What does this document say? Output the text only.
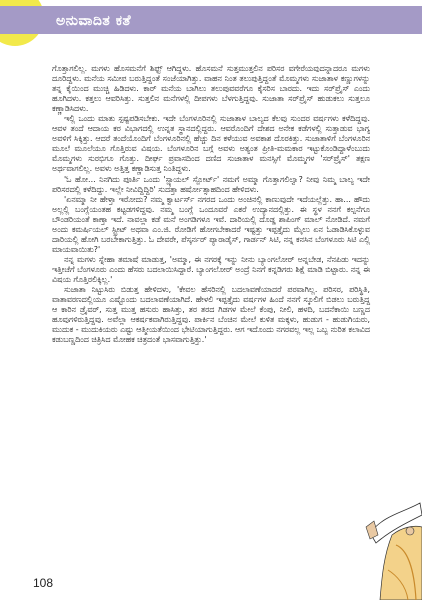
ಅನುವಾದಿತ ಕತೆ

ಗೊತ್ತಾಗಲಿಲ್ಲ. ಮಗಳು ಹೊಸಮನೆಗೆ ಶಿಫ್ಟ್ ಆಗಿದ್ದಳು. ಹೊಸಮನೆ ಸುತ್ತಮುತ್ತಲಿನ ಪರಿಸರ ವಗೇರೆಯವುದನ್ನಾದರೂ ಮಗಳು ದೂರಿದ್ದಳು. ಮನೆಯ ಸಮೀಪ ಬರುತ್ತಿದ್ದಂತೆ ಸಂಜೆಯಾಗಿತ್ತು. ವಾಹನ ನಿಂತ ತಲುಪುತ್ತಿದ್ದಂತೆ ಮೊಮ್ಮಗಳು ಸುಜಾತಾಳ ಕಣ್ಣುಗಳನ್ನು ತನ್ನ ಕೈಯಿಂದ ಮುಚ್ಚಿ ಹಿಡಿದಳು. ಕಾರ್ ಮನೆಯ ಬಾಗಿಲು ತಲುಪುವವರೆಗೂ ಕೈಸರಿಸ ಬಾರದು. ಇದು ಸರ್‌ಪ್ರೈಸ್ ಎಂದು ಹೂಗಿದಳು. ಕತ್ತಲು ಆವರಿಸಿತ್ತು. ಸುತ್ತಲಿನ ಮನೆಗಳಲ್ಲಿ ದೀಪಗಳು ಬೆಳಗುತ್ತಿದ್ದವು. ಸುಜಾತಾ ಸರ್‌ಪ್ರೈಸ್ ಹುಡುಕಲು ಸುತ್ತಲೂ ಕಣ್ಣಾಡಿಸಿದಳು.

ಇಲ್ಲಿ ಒಂದು ಮಾತು ಸ್ಪಷ್ಟಪಡಿಸಬೇಕು. ಇದೇ ಬೆಂಗಳೂರಿನಲ್ಲಿ ಸುಜಾತಾಳ ಬಾಲ್ಯದ ಕೆಲವು ಸುಂದರ ವರ್ಷಗಳು ಕಳೆದಿದ್ದವು. ಆವಳ ತಂದೆ ಆದಾಯ ಕರ ವಿಭಾಗದಲ್ಲಿ ಉನ್ನತ ಸ್ಥಾನದಲ್ಲಿದ್ದರು. ಆವರೊಂದಿಗೆ ದೇಶದ ಅನೇಕ ಕಡೆಗಳಲ್ಲಿ ಸುತ್ತಾಡುವ ಭಾಗ್ಯ ಅವಳಿಗೆ ಸಿಕ್ಕಿತ್ತು. ಆದರೆ ತಂದೆಯೊಂದಿಗೆ ಬೆಂಗಳೂರಿನಲ್ಲಿ ಹೆಚ್ಚು ದಿನ ಕಳೆಯುವ ಅವಕಾಶ ದೊರಕಿತ್ತು. ಸುಜಾತಾಳಿಗೆ ಬೆಂಗಳೂರಿನ ಮೂಲೆ ಮೂಲೆಯೂ ಗೊತ್ತಿರುವ ವಿಷಯ. ಬೆಂಗಳೂರಿನ ಬಗ್ಗೆ ಅವಳು ಅತ್ಯಂತ ಪ್ರೀತಿ-ಮಮಕಾರ ಇಟ್ಟುಕೊಂಡಿದ್ದಾಳೆಂಬುದು ಮೊಮ್ಮಗಳು ಸುರಭಿಗೂ ಗೊತ್ತು. ದೀರ್ಘ ಪ್ರವಾಸದಿಂದ ದಣಿದ ಸುಜಾತಾಳ ಮನಸ್ಸಿಗೆ ಮೊಮ್ಮಗಳ 'ಸರ್‌ಪ್ರೈಸ್' ತಕ್ಷಣ ಅರ್ಥವಾಗಲಿಲ್ಲ. ಅವಳು ಅತ್ತಿತ್ತ ಕಣ್ಣಾಡಿಸುತ್ತ ನಿಂತಿದ್ದಳು.

'ಓ ಹೋ... ನಿನಗಿದು ಪೂರ್ತಿ ಒಂದು 'ಸ್ಪ್ಯಾಯಲ್ ಸ್ಪೋರ್ಟ್' ನಮಗೆ ಅಮ್ಮಾ ಗೊತ್ತಾಗಲಿಲ್ವಾ? ನೀವು ನಿಮ್ಮ ಬಾಲ್ಯ ಇದೇ ಪರಿಸರದಲ್ಲಿ ಕಳೆದಿದ್ದು. ಇಲ್ಲೇ ನೀವಿದ್ದಿದ್ದಿರಿ' ಸುದತ್ತಾ ಹರ್ಷೋತ್ಸಾಹದಿಂದ ಹೇಳಿದಳು.

'ಏನಮ್ಮಾ ನೀ ಹೇಳ್ತಾ ಇರೋದು? ನಮ್ಮ ಕ್ವಾರ್ಟರ್ಸ್ ನಗರದ ಒಂದು ಅಂಚಿನಲ್ಲಿ ಕಾಣುವುದೇ ಇದೆಯಲ್ಲೆತ್ತು. ಹಾ... ಹೌದು ಅಲ್ಲಲ್ಲಿ ಬಂಗ್ಲೆಯಂತಹ ಕಟ್ಟಡಗಳಿದ್ದವು. ನಮ್ಮ ಬಂಗ್ಲೆ ಒಂದೂವರೆ ಎಕರೆ ಉದ್ಯಾನದಲ್ಲಿತ್ತು. ಈ ಸ್ಥಳ ನನಗೆ ಕಲ್ಪನೆಗೂ ಬೌಂಡರಿಯಂತೆ ಕಾಣ್ತಾ ಇದೆ. ನಾವಲ್ಲಾ ಕಡೆ ಮನೆ ಅಂಗಡಿಗಳೂ ಇವೆ. ದಾರಿಯಲ್ಲಿ ದೊಡ್ಡ ಶಾಪಿಂಗ್ ಮಾಲ್ ನೋಡಿದೆ. ನಮಗೆ ಅಂದು ಕಮರ್ಷಿಯಲ್ ಸ್ಟ್ರೀಟ್ ಅಥವಾ ಎಂ.ಜಿ. ರೋಡಿಗೆ ಹೋಗಬೇಕಾದರೆ ಇಷ್ಟತ್ತು ಇಪ್ಪತ್ತೈದು ಮೈಲು ಏನ ಓಡಾಡಿಸಿಕೊಳ್ಳುವ ದಾರಿಯಲ್ಲಿ ಹೋಗಿ ಬರಬೇಕಾಗುತ್ತಿತ್ತು. ಓ ದೇವರೇ, ಪೆಸ್ಕರ್ನರ್ ಪ್ಯಾರಾಡೈಸ್, ಗಾರ್ಡನ್ ಸಿಟಿ, ನನ್ನ ಕನಸಿನ ಬೆಂಗಳೂರು ಸಿಟಿ ಎಲ್ಲಿ ಮಾಯವಾಯಿತು?'

ನನ್ನ ಮಗಳು ಸ್ನೇಹಾ ತಮಾಷೆ ಮಾಡುತ್ತ, 'ಅಮ್ಮಾ, ಈ ನಗರಕ್ಕೆ ಇನ್ನು ನೀನು ಬ್ಯಾಂಗಲೋರ್ ಅನ್ನಬೇಡ, ನೆನಪಿಡು ಇದನ್ನು ಇತ್ತೀಚೆಗೆ ಬೆಂಗಳೂರು ಎಂದು ಹೆಸರು ಬದಲಾಯಿಸಿದ್ದಾರೆ. ಬ್ಯಾಂಗಲೋರ್ ಅಂದ್ರೆ ನಿನಗೆ ಕನ್ನಡಿಗರು ಶಿಕ್ಷೆ ಮಾಡಿ ಬಿಟ್ಟಾರು. ನನ್ನ ಈ ವಿಷಯ ಗೊತ್ತಿರಲಿಕ್ಕಿಲ್ಲ.'

ಸುಜಾತಾ ನಿಟ್ಟುಸಿರು ಬಿಡುತ್ತ ಹೇಳಿದಳು, 'ಕೇವಲ ಹೆಸರಿನಲ್ಲಿ ಬದಲಾವಣೆಯಾದರೆ ಪರವಾಗಿಲ್ಲ. ಪರಿಸರ, ಪರಿಸ್ಥಿತಿ, ವಾತಾವರಣದಲ್ಲಿಯೂ ಎಷ್ಟೊಂದು ಬದಲಾವಣೆಯಾಗಿದೆ. ಹೇಳಲಿ ಇಪ್ಪತ್ತೈದು ವರ್ಷಗಳ ಹಿಂದೆ ನನಗೆ ಸ್ಕೂಲಿಗೆ ಬಿಡಲು ಬರುತ್ತಿದ್ದ ಆ ಕಾರಿನ ಡ್ರೈವರ್, ಸುತ್ತ ಮುತ್ತ ಹಸುರು ಹಾಸಿತ್ತು, ತರ ತರದ ಗಿಡಗಳ ಮೇಲೆ ಕೆಂಪು, ನೀಲಿ, ಹಳದಿ, ಬದನೆಕಾಯಿ ಬಣ್ಣದ ಹೂವುಗಳಿರುತ್ತಿದ್ದವು. ಅವೆಲ್ಲಾ ಆಕರ್ಷಕವಾಗಿರುತ್ತಿದ್ದವು. ಪಾರ್ಕಿನ ಬೆಂಚಿನ ಮೇಲೆ ಕುಳಿತ ಮಕ್ಕಳು, ಹುಡುಗ - ಹುಡುಗಿಯರು, ಮುದುಕ - ಮುದುಕಿಯರು ಎಷ್ಟು ಆತ್ಮೀಯತೆಯಿಂದ ಭೇಟಿಯಾಗುತ್ತಿದ್ದರು. ಆಗ ಇದೊಂದು ನಗರವಲ್ಲ ಇಲ್ಲ ಒಬ್ಬ ನುರಿತ ಕಲಾವಿದ ಕಡುಬಣ್ಣದಿಂದ ಚಿತ್ರಿಸಿದ ಮೋಹಕ ಚಿತ್ರದಂತೆ ಭಾಸವಾಗುತ್ತಿತ್ತು.'

108
